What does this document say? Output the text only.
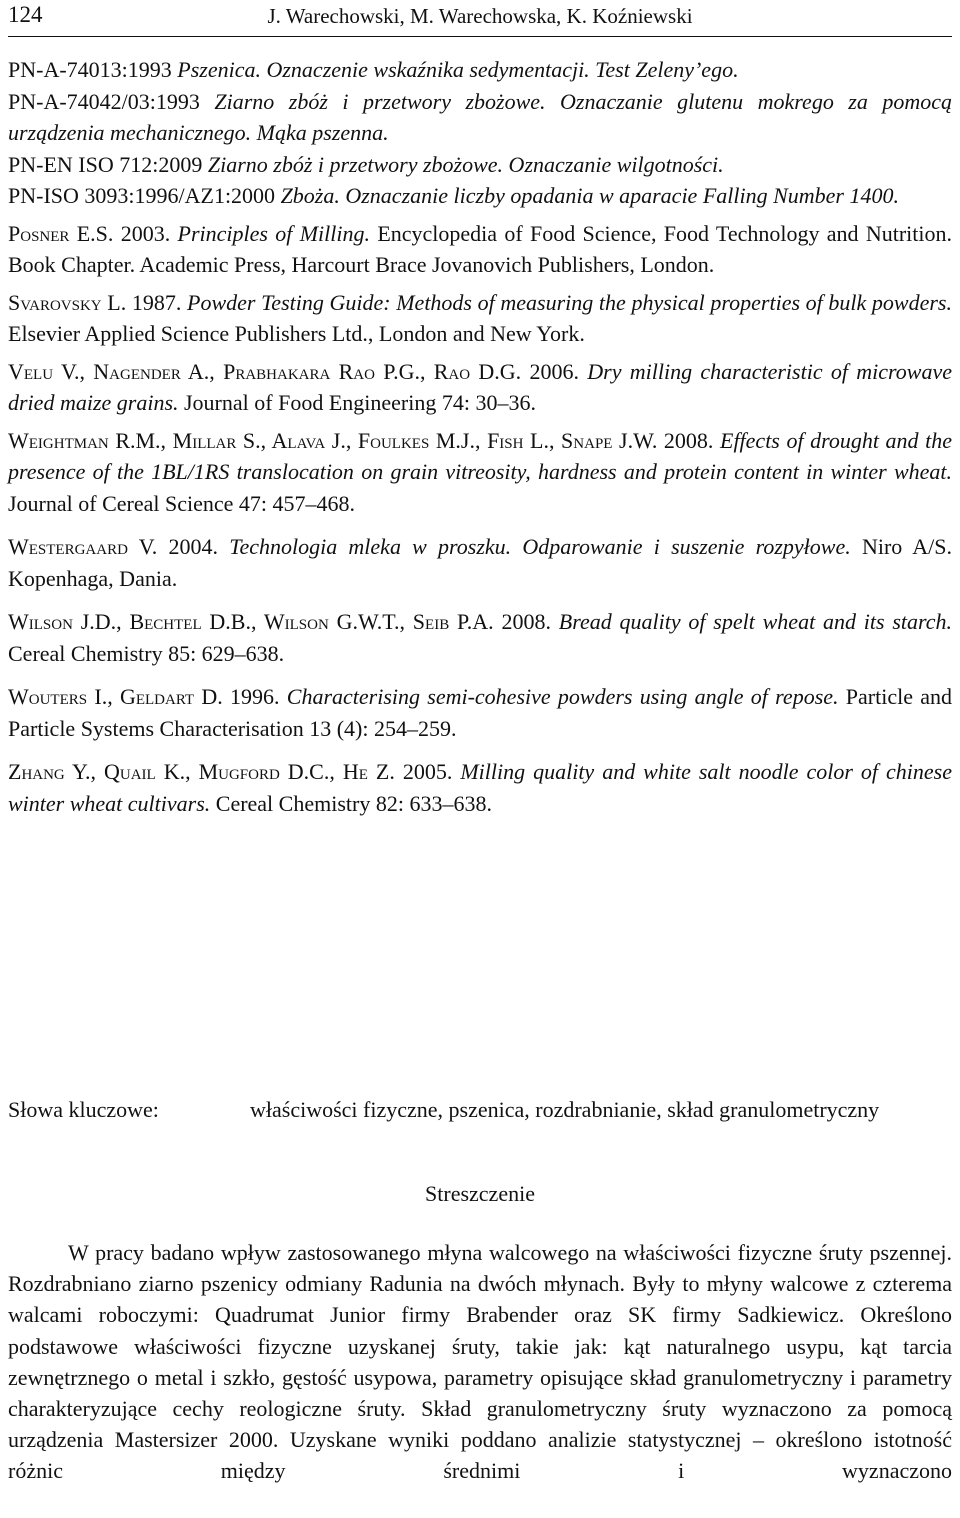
124	J. Warechowski, M. Warechowska, K. Koźniewski
PN-A-74013:1993 Pszenica. Oznaczenie wskaźnika sedymentacji. Test Zeleny’ego.
PN-A-74042/03:1993 Ziarno zbóż i przetwory zbożowe. Oznaczanie glutenu mokrego za pomocą urządzenia mechanicznego. Mąka pszenna.
PN-EN ISO 712:2009 Ziarno zbóż i przetwory zbożowe. Oznaczanie wilgotności.
PN-ISO 3093:1996/AZ1:2000 Zboża. Oznaczanie liczby opadania w aparacie Falling Number 1400.
Posner E.S. 2003. Principles of Milling. Encyclopedia of Food Science, Food Technology and Nutrition. Book Chapter. Academic Press, Harcourt Brace Jovanovich Publishers, London.
Svarovsky L. 1987. Powder Testing Guide: Methods of measuring the physical properties of bulk powders. Elsevier Applied Science Publishers Ltd., London and New York.
Velu V., Nagender A., Prabhakara Rao P.G., Rao D.G. 2006. Dry milling characteristic of microwave dried maize grains. Journal of Food Engineering 74: 30–36.
Weightman R.M., Millar S., Alava J., Foulkes M.J., Fish L., Snape J.W. 2008. Effects of drought and the presence of the 1BL/1RS translocation on grain vitreosity, hardness and protein content in winter wheat. Journal of Cereal Science 47: 457–468.
Westergaard V. 2004. Technologia mleka w proszku. Odparowanie i suszenie rozpyłowe. Niro A/S. Kopenhaga, Dania.
Wilson J.D., Bechtel D.B., Wilson G.W.T., Seib P.A. 2008. Bread quality of spelt wheat and its starch. Cereal Chemistry 85: 629–638.
Wouters I., Geldart D. 1996. Characterising semi-cohesive powders using angle of repose. Particle and Particle Systems Characterisation 13 (4): 254–259.
Zhang Y., Quail K., Mugford D.C., He Z. 2005. Milling quality and white salt noodle color of chinese winter wheat cultivars. Cereal Chemistry 82: 633–638.
Słowa kluczowe:	właściwości fizyczne, pszenica, rozdrabnianie, skład granulometryczny
Streszczenie

W pracy badano wpływ zastosowanego młyna walcowego na właściwości fizyczne śruty pszennej. Rozdrabniano ziarno pszenicy odmiany Radunia na dwóch młynach. Były to młyny walcowe z czterema walcami roboczymi: Quadrumat Junior firmy Brabender oraz SK firmy Sadkiewicz. Określono podstawowe właściwości fizyczne uzyskanej śruty, takie jak: kąt naturalnego usypu, kąt tarcia zewnętrznego o metal i szkło, gęstość usypowa, parametry opisujące skład granulometryczny i parametry charakteryzujące cechy reologiczne śruty. Skład granulometryczny śruty wyznaczono za pomocą urządzenia Mastersizer 2000. Uzyskane wyniki poddano analizie statystycznej – określono istotność różnic między średnimi i wyznaczono
